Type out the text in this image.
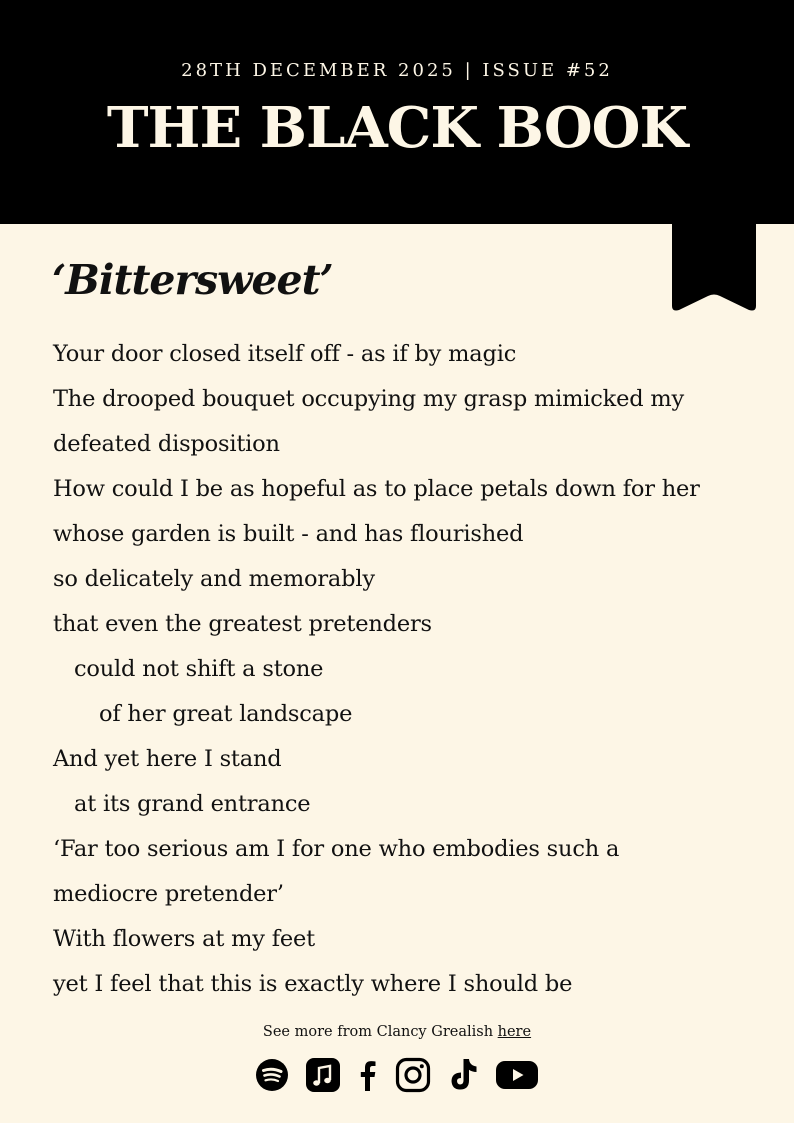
28TH DECEMBER 2025 | ISSUE #52
THE BLACK BOOK
‘Bittersweet’
Your door closed itself off - as if by magic
The drooped bouquet occupying my grasp mimicked my
defeated disposition
How could I be as hopeful as to place petals down for her
whose garden is built - and has flourished
so delicately and memorably
that even the greatest pretenders
could not shift a stone
of her great landscape
And yet here I stand
at its grand entrance
‘Far too serious am I for one who embodies such a
mediocre pretender’
With flowers at my feet
yet I feel that this is exactly where I should be
See more from Clancy Grealish here
